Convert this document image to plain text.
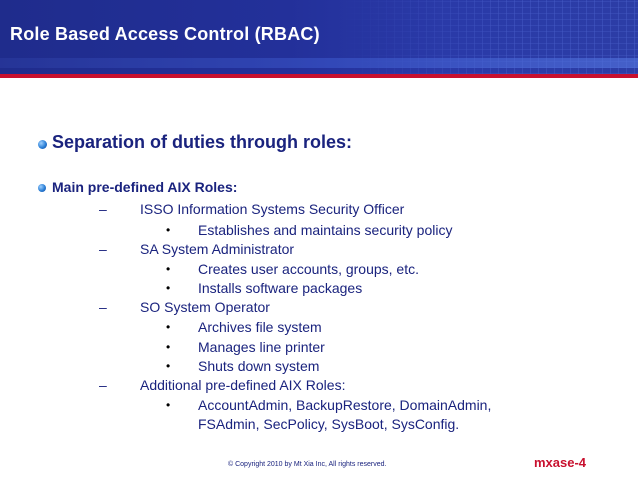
Role Based Access Control (RBAC)
Separation of duties through roles:
Main pre-defined AIX Roles:
– ISSO Information Systems Security Officer
• Establishes and maintains security policy
– SA System Administrator
• Creates user accounts, groups, etc.
• Installs software packages
– SO System Operator
• Archives file system
• Manages line printer
• Shuts down system
– Additional pre-defined AIX Roles:
• AccountAdmin, BackupRestore, DomainAdmin,
FSAdmin, SecPolicy, SysBoot, SysConfig.
© Copyright 2010 by Mt Xia Inc, All rights reserved.	mxase-4
